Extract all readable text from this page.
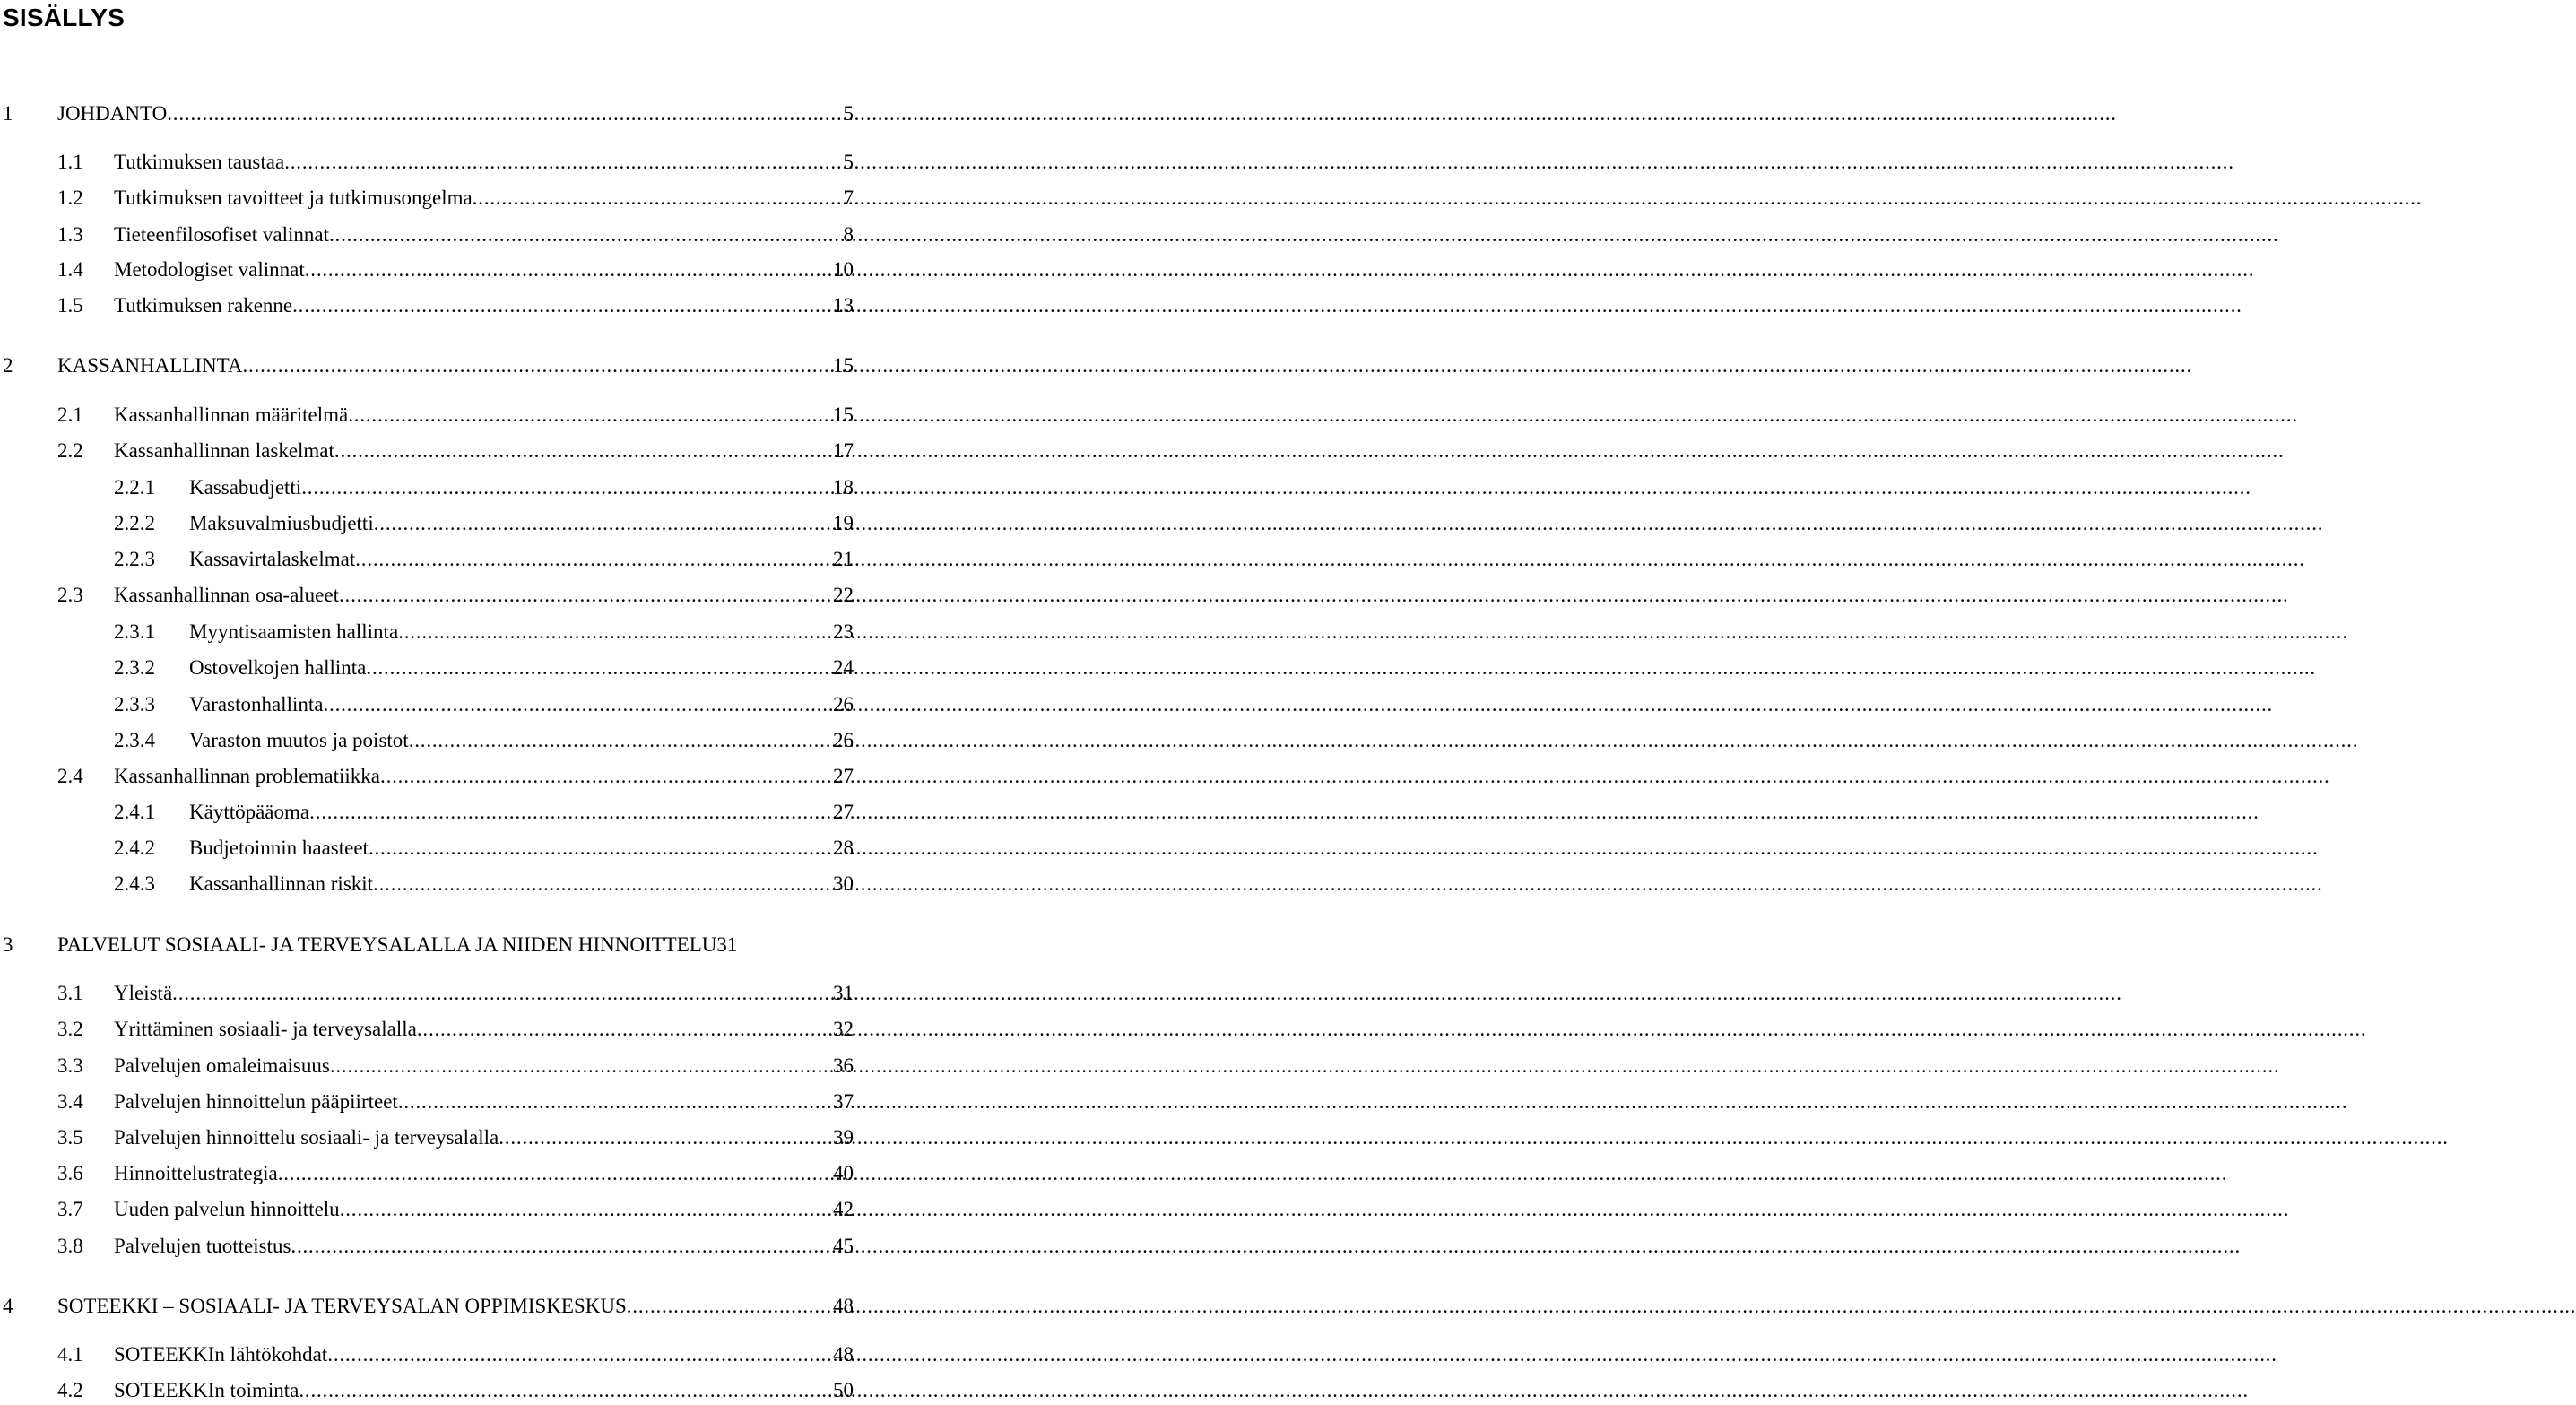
SISÄLLYS
1	JOHDANTO .....	5
1.1	Tutkimuksen taustaa .....	5
1.2	Tutkimuksen tavoitteet ja tutkimusongelma .....	7
1.3	Tieteenfilosofiset valinnat .....	8
1.4	Metodologiset valinnat .....	10
1.5	Tutkimuksen rakenne .....	13
2	KASSANHALLINTA .....	15
2.1	Kassanhallinnan määritelmä .....	15
2.2	Kassanhallinnan laskelmat .....	17
2.2.1	Kassabudjetti .....	18
2.2.2	Maksuvalmiusbudjetti .....	19
2.2.3	Kassavirtalaskelmat .....	21
2.3	Kassanhallinnan osa-alueet .....	22
2.3.1	Myyntisaamisten hallinta .....	23
2.3.2	Ostovelkojen hallinta .....	24
2.3.3	Varastonhallinta .....	26
2.3.4	Varaston muutos ja poistot .....	26
2.4	Kassanhallinnan problematiikka .....	27
2.4.1	Käyttöpääoma .....	27
2.4.2	Budjetoinnin haasteet .....	28
2.4.3	Kassanhallinnan riskit .....	30
3	PALVELUT SOSIAALI- JA TERVEYSALALLA JA NIIDEN HINNOITTELU 31
3.1	Yleistä .....	31
3.2	Yrittäminen sosiaali- ja terveysalalla .....	32
3.3	Palvelujen omaleimaisuus .....	36
3.4	Palvelujen hinnoittelun pääpiirteet .....	37
3.5	Palvelujen hinnoittelu sosiaali- ja terveysalalla .....	39
3.6	Hinnoittelustrategia .....	40
3.7	Uuden palvelun hinnoittelu .....	42
3.8	Palvelujen tuotteistus .....	45
4	SOTEEKKI – SOSIAALI- JA TERVEYSALAN OPPIMISKESKUS .....	48
4.1	SOTEEKKIn lähtökohdat .....	48
4.2	SOTEEKKIn toiminta .....	50
